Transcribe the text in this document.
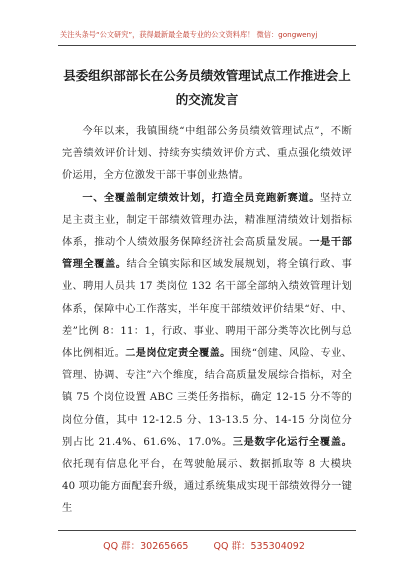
关注头条号“公文研究”，获得最新最全最专业的公文资料库！ 微信：gongwenyj
县委组织部部长在公务员绩效管理试点工作推进会上的交流发言

今年以来，我镇围绕“中组部公务员绩效管理试点”，不断完善绩效评价计划、持续夯实绩效评价方式、重点强化绩效评价运用，全方位激发干部干事创业热情。

一、全覆盖制定绩效计划，打造全员竞跑新赛道。坚持立足主责主业，制定干部绩效管理办法，精准厘清绩效计划指标体系，推动个人绩效服务保障经济社会高质量发展。一是干部管理全覆盖。结合全镇实际和区域发展规划，将全镇行政、事业、聘用人员共 17 类岗位 132 名干部全部纳入绩效管理计划体系，保障中心工作落实，半年度干部绩效评价结果“好、中、差”比例 8：11：1，行政、事业、聘用干部分类等次比例与总体比例相近。二是岗位定责全覆盖。围绕“创建、风险、专业、管理、协调、专注”六个维度，结合高质量发展综合指标，对全镇 75 个岗位设置 ABC 三类任务指标，确定 12-15 分不等的岗位分值，其中 12-12.5 分、13-13.5 分、14-15 分岗位分别占比 21.4%、61.6%、17.0%。三是数字化运行全覆盖。依托现有信息化平台，在驾驶舱展示、数据抓取等 8 大模块 40 项功能方面配套升级，通过系统集成实现干部绩效得分一键生

QQ 群：30265665	QQ 群：535304092
